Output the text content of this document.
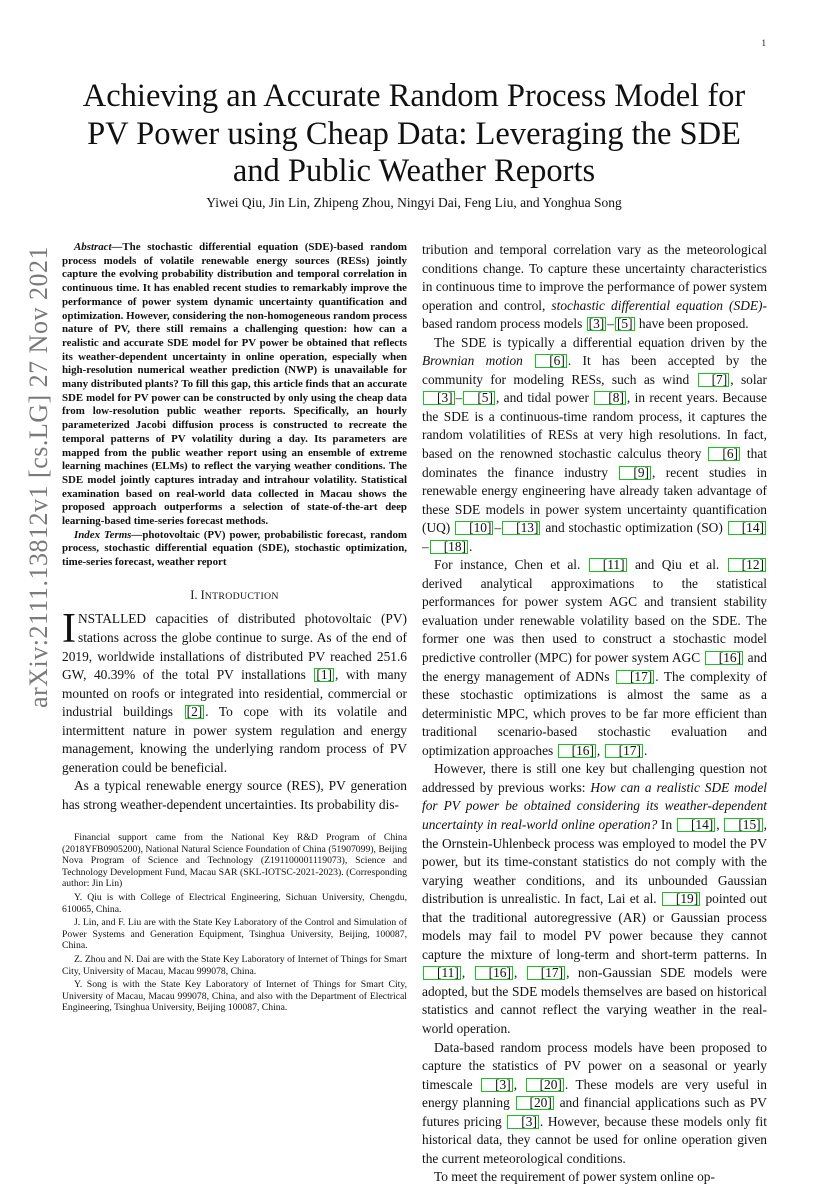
1
arXiv:2111.13812v1 [cs.LG] 27 Nov 2021
Achieving an Accurate Random Process Model for PV Power using Cheap Data: Leveraging the SDE and Public Weather Reports
Yiwei Qiu, Jin Lin, Zhipeng Zhou, Ningyi Dai, Feng Liu, and Yonghua Song

Abstract—The stochastic differential equation (SDE)-based random process models of volatile renewable energy sources (RESs) jointly capture the evolving probability distribution and temporal correlation in continuous time. It has enabled recent studies to remarkably improve the performance of power system dynamic uncertainty quantification and optimization. However, considering the non-homogeneous random process nature of PV, there still remains a challenging question: how can a realistic and accurate SDE model for PV power be obtained that reflects its weather-dependent uncertainty in online operation, especially when high-resolution numerical weather prediction (NWP) is unavailable for many distributed plants? To fill this gap, this article finds that an accurate SDE model for PV power can be constructed by only using the cheap data from low-resolution public weather reports. Specifically, an hourly parameterized Jacobi diffusion process is constructed to recreate the temporal patterns of PV volatility during a day. Its parameters are mapped from the public weather report using an ensemble of extreme learning machines (ELMs) to reflect the varying weather conditions. The SDE model jointly captures intraday and intrahour volatility. Statistical examination based on real-world data collected in Macau shows the proposed approach outperforms a selection of state-of-the-art deep learning-based time-series forecast methods.

Index Terms—photovoltaic (PV) power, probabilistic forecast, random process, stochastic differential equation (SDE), stochastic optimization, time-series forecast, weather report

I. INTRODUCTION

INSTALLED capacities of distributed photovoltaic (PV) stations across the globe continue to surge. As of the end of 2019, worldwide installations of distributed PV reached 251.6 GW, 40.39% of the total PV installations [1] , with many mounted on roofs or integrated into residential, commercial or industrial buildings [2] . To cope with its volatile and intermittent nature in power system regulation and energy management, knowing the underlying random process of PV generation could be beneficial.

As a typical renewable energy source (RES), PV generation has strong weather-dependent uncertainties. Its probability dis-

Financial support came from the National Key R&D Program of China (2018YFB0905200), National Natural Science Foundation of China (51907099), Beijing Nova Program of Science and Technology (Z191100001119073), Science and Technology Development Fund, Macau SAR (SKL-IOTSC-2021-2023). (Corresponding author: Jin Lin)

Y. Qiu is with College of Electrical Engineering, Sichuan University, Chengdu, 610065, China.

J. Lin, and F. Liu are with the State Key Laboratory of the Control and Simulation of Power Systems and Generation Equipment, Tsinghua University, Beijing, 100087, China.

Z. Zhou and N. Dai are with the State Key Laboratory of Internet of Things for Smart City, University of Macau, Macau 999078, China.

Y. Song is with the State Key Laboratory of Internet of Things for Smart City, University of Macau, Macau 999078, China, and also with the Department of Electrical Engineering, Tsinghua University, Beijing 100087, China.

tribution and temporal correlation vary as the meteorological conditions change. To capture these uncertainty characteristics in continuous time to improve the performance of power system operation and control, stochastic differential equation (SDE)-based random process models [3] – [5] have been proposed.

The SDE is typically a differential equation driven by the Brownian motion [6] . It has been accepted by the community for modeling RESs, such as wind [7] , solar [3] – [5] , and tidal power [8] , in recent years. Because the SDE is a continuous-time random process, it captures the random volatilities of RESs at very high resolutions. In fact, based on the renowned stochastic calculus theory [6] that dominates the finance industry [9] , recent studies in renewable energy engineering have already taken advantage of these SDE models in power system uncertainty quantification (UQ) [10] – [13] and stochastic optimization (SO) [14]– [18] .

For instance, Chen et al. [11] and Qiu et al. [12] derived analytical approximations to the statistical performances for power system AGC and transient stability evaluation under renewable volatility based on the SDE. The former one was then used to construct a stochastic model predictive controller (MPC) for power system AGC [16] and the energy management of ADNs [17] . The complexity of these stochastic optimizations is almost the same as a deterministic MPC, which proves to be far more efficient than traditional scenario-based stochastic evaluation and optimization approaches [16] , [17] .

However, there is still one key but challenging question not addressed by previous works: How can a realistic SDE model for PV power be obtained considering its weather-dependent uncertainty in real-world online operation? In [14] , [15] , the Ornstein-Uhlenbeck process was employed to model the PV power, but its time-constant statistics do not comply with the varying weather conditions, and its unbounded Gaussian distribution is unrealistic. In fact, Lai et al. [19] pointed out that the traditional autoregressive (AR) or Gaussian process models may fail to model PV power because they cannot capture the mixture of long-term and short-term patterns. In [11] , [16] , [17] , non-Gaussian SDE models were adopted, but the SDE models themselves are based on historical statistics and cannot reflect the varying weather in the real-world operation.

Data-based random process models have been proposed to capture the statistics of PV power on a seasonal or yearly timescale [3] , [20] . These models are very useful in energy planning [20] and financial applications such as PV futures pricing [3] . However, because these models only fit historical data, they cannot be used for online operation given the current meteorological conditions.

To meet the requirement of power system online op-
